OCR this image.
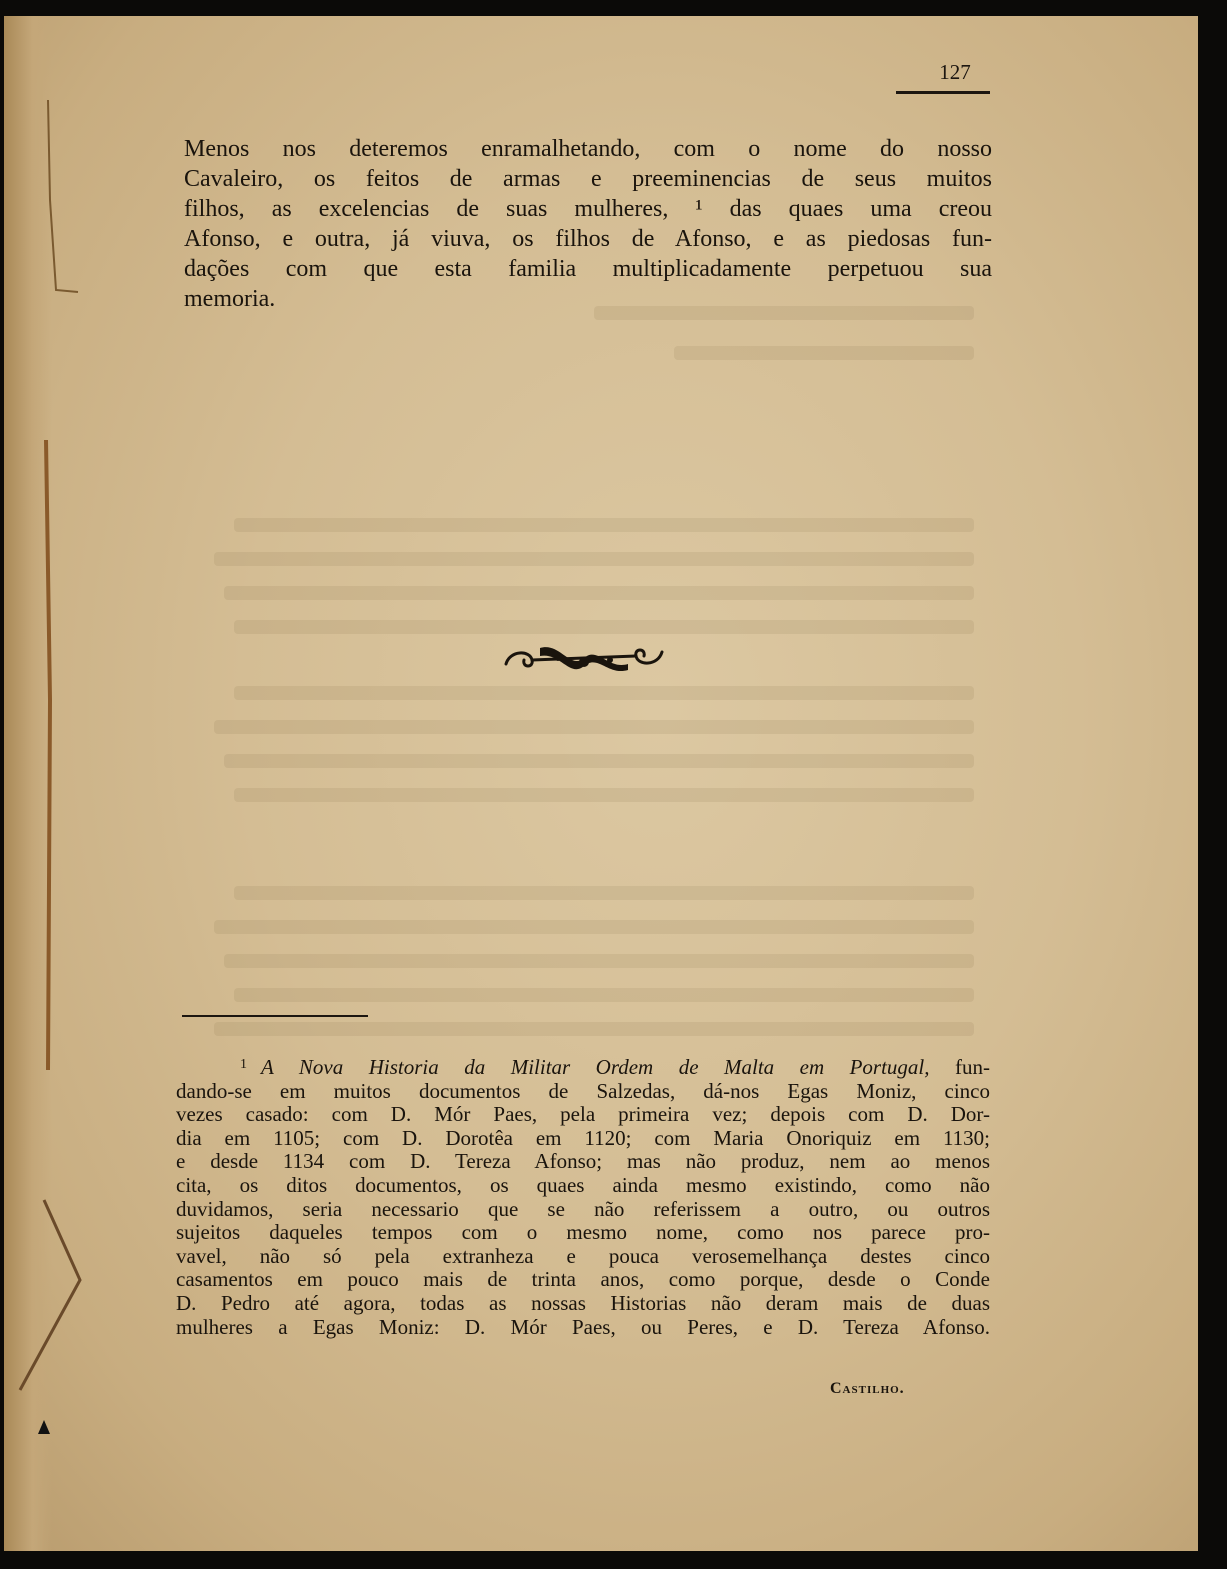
127
Menos nos deteremos enramalhetando, com o nome do nosso
Cavaleiro, os feitos de armas e preeminencias de seus muitos
filhos, as excelencias de suas mulheres, ¹ das quaes uma creou
Afonso, e outra, já viuva, os filhos de Afonso, e as piedosas fun-
dações com que esta familia multiplicadamente perpetuou sua
memoria.
$^1$ A Nova Historia da Militar Ordem de Malta em Portugal, fun-
dando-se em muitos documentos de Salzedas, dá-nos Egas Moniz, cinco
vezes casado: com D. Mór Paes, pela primeira vez; depois com D. Dor-
dia em 1105; com D. Dorotêa em 1120; com Maria Onoriquiz em 1130;
e desde 1134 com D. Tereza Afonso; mas não produz, nem ao menos
cita, os ditos documentos, os quaes ainda mesmo existindo, como não
duvidamos, seria necessario que se não referissem a outro, ou outros
sujeitos daqueles tempos com o mesmo nome, como nos parece pro-
vavel, não só pela extranheza e pouca verosemelhança destes cinco
casamentos em pouco mais de trinta anos, como porque, desde o Conde
D. Pedro até agora, todas as nossas Historias não deram mais de duas
mulheres a Egas Moniz: D. Mór Paes, ou Peres, e D. Tereza Afonso.
Castilho.
